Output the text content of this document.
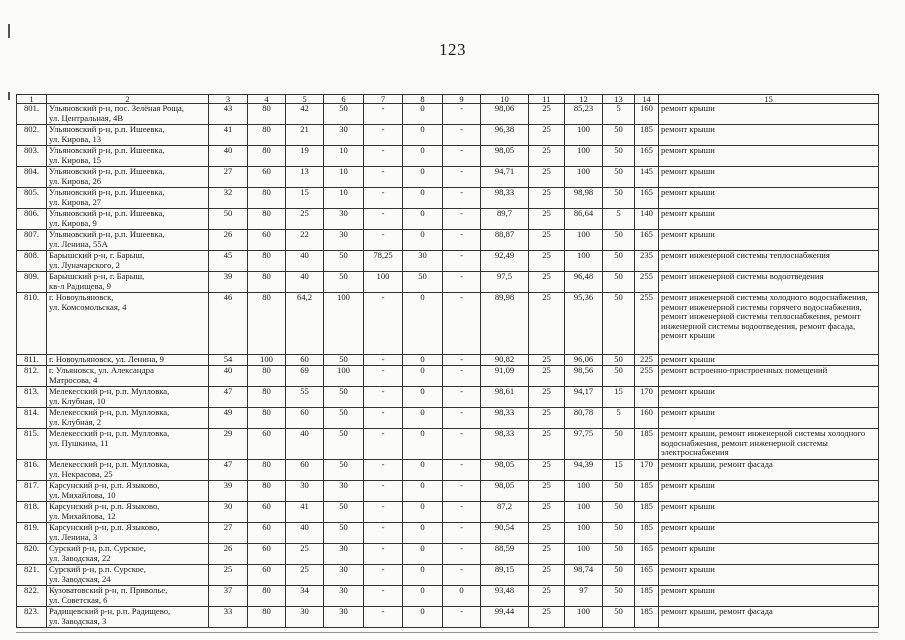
123
1	2	3	4	5	6	7	8	9	10	11	12	13	14	15
801.	Ульяновский р-н, пос. Зелёная Роща,
ул. Центральная, 4В	43	80	42	50	-	0	-	98,06	25	85,23	5	160	ремонт крыши
802.	Ульяновский р-н, р.п. Ишеевка,
ул. Кирова, 13	41	80	21	30	-	0	-	96,38	25	100	50	185	ремонт крыши
803.	Ульяновский р-н, р.п. Ишеевка,
ул. Кирова, 15	40	80	19	10	-	0	-	98,05	25	100	50	165	ремонт крыши
804.	Ульяновский р-н, р.п. Ишеевка,
ул. Кирова, 26	27	60	13	10	-	0	-	94,71	25	100	50	145	ремонт крыши
805.	Ульяновский р-н, р.п. Ишеевка,
ул. Кирова, 27	32	80	15	10	-	0	-	98,33	25	98,98	50	165	ремонт крыши
806.	Ульяновский р-н, р.п. Ишеевка,
ул. Кирова, 9	50	80	25	30	-	0	-	89,7	25	86,64	5	140	ремонт крыши
807.	Ульяновский р-н, р.п. Ишеевка,
ул. Ленина, 55А	26	60	22	30	-	0	-	88,87	25	100	50	165	ремонт крыши
808.	Барышский р-н, г. Барыш,
ул. Луначарского, 2	45	80	40	50	78,25	30	-	92,49	25	100	50	235	ремонт инженерной системы теплоснабжения
809.	Барышский р-н, г. Барыш,
кв-л Радищева, 9	39	80	40	50	100	50	-	97,5	25	96,48	50	255	ремонт инженерной системы водоотведения
810.	г. Новоульяновск,
ул. Комсомольская, 4	46	80	64,2	100	-	0	-	89,98	25	95,36	50	255	ремонт инженерной системы холодного водоснабжения, ремонт инженерной системы горячего водоснабжения, ремонт инженерной системы теплоснабжения, ремонт инженерной системы водоотведения, ремонт фасада, ремонт крыши
811.	г. Новоульяновск, ул. Ленина, 9	54	100	60	50	-	0	-	90,82	25	96,06	50	225	ремонт крыши
812.	г. Ульяновск, ул. Александра
Матросова, 4	40	80	69	100	-	0	-	91,09	25	98,56	50	255	ремонт встроенно-пристроенных помещений
813.	Мелекесский р-н, р.п. Мулловка,
ул. Клубная, 10	47	80	55	50	-	0	-	98,61	25	94,17	15	170	ремонт крыши
814.	Мелекесский р-н, р.п. Мулловка,
ул. Клубная, 2	49	80	60	50	-	0	-	98,33	25	80,78	5	160	ремонт крыши
815.	Мелекесский р-н, р.п. Мулловка,
ул. Пушкина, 11	29	60	40	50	-	0	-	98,33	25	97,75	50	185	ремонт крыши, ремонт инженерной системы холодного водоснабжения, ремонт инженерной системы электроснабжения
816.	Мелекесский р-н, р.п. Мулловка,
ул. Некрасова, 25	47	80	60	50	-	0	-	98,05	25	94,39	15	170	ремонт крыши, ремонт фасада
817.	Карсунский р-н, р.п. Языково,
ул. Михайлова, 10	39	80	30	30	-	0	-	98,05	25	100	50	185	ремонт крыши
818.	Карсунский р-н, р.п. Языково,
ул. Михайлова, 12	30	60	41	50	-	0	-	87,2	25	100	50	185	ремонт крыши
819.	Карсунский р-н, р.п. Языково,
ул. Ленина, 3	27	60	40	50	-	0	-	90,54	25	100	50	185	ремонт крыши
820.	Сурский р-н, р.п. Сурское,
ул. Заводская, 22	26	60	25	30	-	0	-	88,59	25	100	50	165	ремонт крыши
821.	Сурский р-н, р.п. Сурское,
ул. Заводская, 24	25	60	25	30	-	0	-	89,15	25	98,74	50	165	ремонт крыши
822.	Кузоватовский р-н, п. Приволье,
ул. Советская, 6	37	80	34	30	-	0	0	93,48	25	97	50	185	ремонт крыши
823.	Радищевский р-н, р.п. Радищево,
ул. Заводская, 3	33	80	30	30	-	0	-	99,44	25	100	50	185	ремонт крыши, ремонт фасада
